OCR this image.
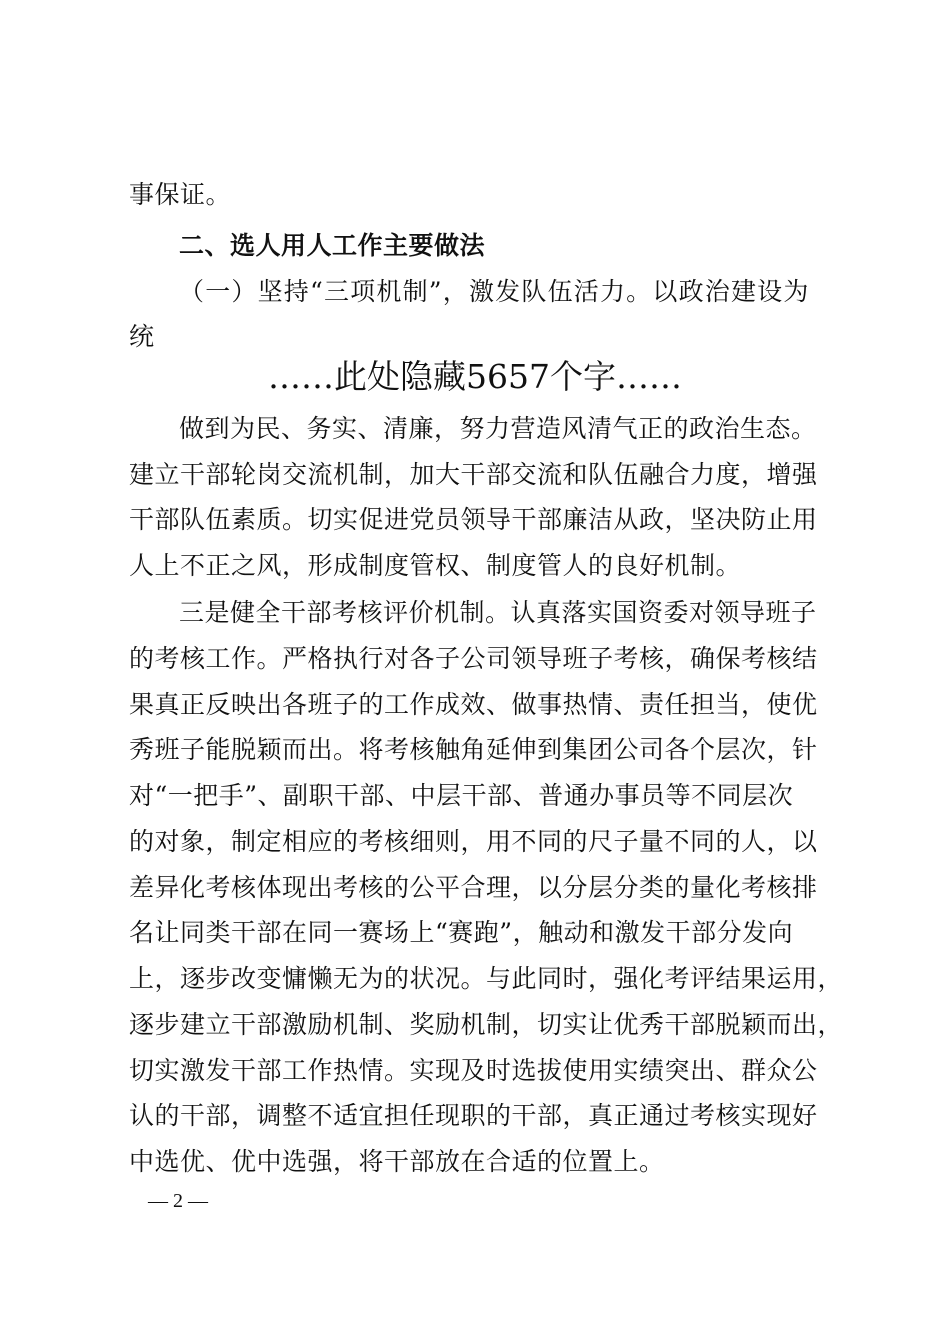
事保证。
二、选人用人工作主要做法
（一）坚持“三项机制”，激发队伍活力。以政治建设为
统
……此处隐藏5657个字……
做到为民、务实、清廉，努力营造风清气正的政治生态。
建立干部轮岗交流机制，加大干部交流和队伍融合力度，增强
干部队伍素质。切实促进党员领导干部廉洁从政，坚决防止用
人上不正之风，形成制度管权、制度管人的良好机制。
三是健全干部考核评价机制。认真落实国资委对领导班子
的考核工作。严格执行对各子公司领导班子考核，确保考核结
果真正反映出各班子的工作成效、做事热情、责任担当，使优
秀班子能脱颖而出。将考核触角延伸到集团公司各个层次，针
对“一把手”、副职干部、中层干部、普通办事员等不同层次
的对象，制定相应的考核细则，用不同的尺子量不同的人，以
差异化考核体现出考核的公平合理，以分层分类的量化考核排
名让同类干部在同一赛场上“赛跑”，触动和激发干部分发向
上，逐步改变慵懒无为的状况。与此同时，强化考评结果运用，
逐步建立干部激励机制、奖励机制，切实让优秀干部脱颖而出，
切实激发干部工作热情。实现及时选拔使用实绩突出、群众公
认的干部，调整不适宜担任现职的干部，真正通过考核实现好
中选优、优中选强，将干部放在合适的位置上。
— 2 —
